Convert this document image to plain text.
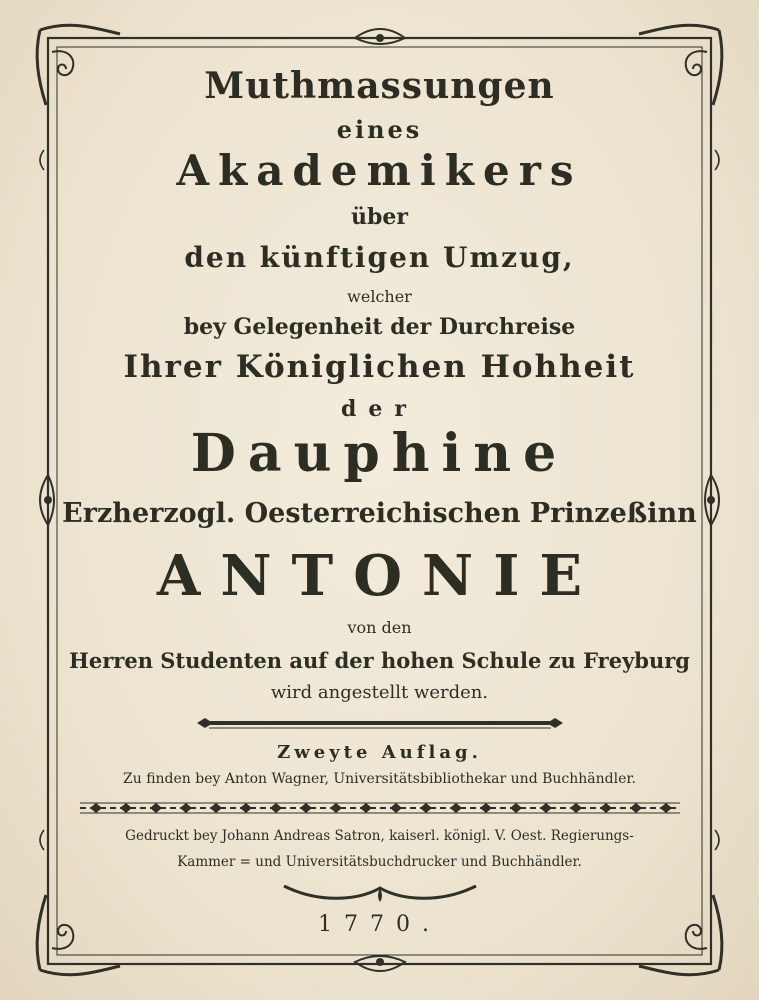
Muthmassungen
eines
Akademikers
über
den künftigen Umzug,
welcher
bey Gelegenheit der Durchreise
Ihrer Königlichen Hohheit
der
Dauphine
Erzherzogl. Oesterreichischen Prinzeßinn
ANTONIE
von den
Herren Studenten auf der hohen Schule zu Freyburg
wird angestellt werden.
Zweyte Auflag.
Zu finden bey Anton Wagner, Universitätsbibliothekar und Buchhändler.
Gedruckt bey Johann Andreas Satron, kaiserl. königl. V. Oest. Regierungs-
Kammer = und Universitätsbuchdrucker und Buchhändler.
1770.
